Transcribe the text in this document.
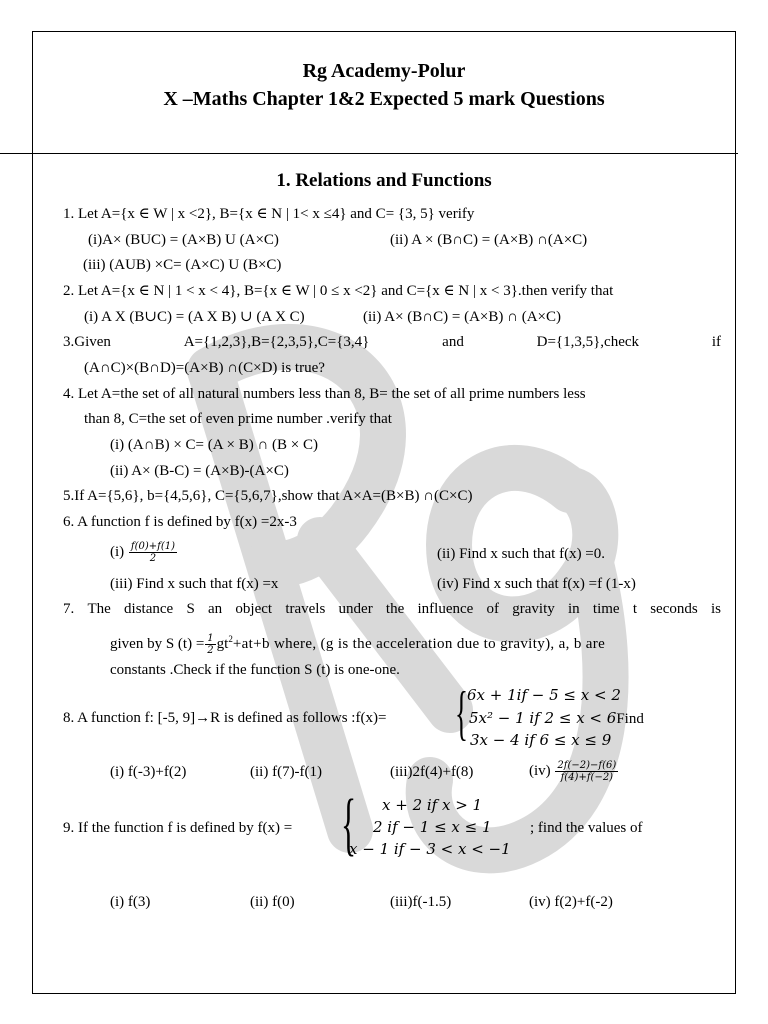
Rg Academy-Polur
X –Maths Chapter 1&2 Expected 5 mark Questions
1. Relations and Functions
1. Let A={x ∈ W | x <2}, B={x ∈ N | 1< x ≤4} and C= {3, 5} verify
(i)A× (BUC) = (A×B) U (A×C)	(ii) A × (B∩C) = (A×B) ∩(A×C)
(iii) (AUB) ×C= (A×C) U (B×C)
2. Let A={x ∈ N | 1 < x < 4}, B={x ∈ W | 0 ≤ x <2} and C={x ∈ N | x < 3}.then verify that
(i) A X (B∪C) = (A X B) ∪ (A X C)	(ii) A× (B∩C) = (A×B) ∩ (A×C)
3.Given	A={1,2,3},B={2,3,5},C={3,4}	and	D={1,3,5},check	if
(A∩C)×(B∩D)=(A×B) ∩(C×D) is true?
4. Let A=the set of all natural numbers less than 8, B= the set of all prime numbers less
than 8, C=the set of even prime number .verify that
(i) (A∩B) × C= (A × B) ∩ (B × C)
(ii) A× (B-C) = (A×B)-(A×C)
5.If A={5,6}, b={4,5,6}, C={5,6,7},show that A×A=(B×B) ∩(C×C)
6. A function f is defined by f(x) =2x-3
$(i) \frac{f(0)+f(1)}{2}$	(ii) Find x such that f(x) =0.
(iii) Find x such that f(x) =x	(iv) Find x such that f(x) =f (1-x)
7. The distance S an object travels under the influence of gravity in time t seconds is
given by S $(t) = \frac{1}{2} gt^2+at+b$ where, (g is the acceleration due to gravity), a, b are
constants .Check if the function S (t) is one-one.
8. A function f: [-5, 9]→R is defined as follows :f(x)= { 6x + 1if − 5 ≤ x < 2
5x² − 1 if 2 ≤ x < 6Find
3x − 4 if 6 ≤ x ≤ 9
(i) f(-3)+f(2)	(ii) f(7)-f(1)	(iii)2f(4)+f(8)	$(iv) \frac{2f(-2)-f(6)}{f(4)+f(-2)}$
9. If the function f is defined by f(x) = { x + 2 if x > 1
2 if − 1 ≤ x ≤ 1
x − 1 if − 3 < x < −1
; find the values of
(i) f(3)	(ii) f(0)	(iii)f(-1.5)	(iv) f(2)+f(-2)
